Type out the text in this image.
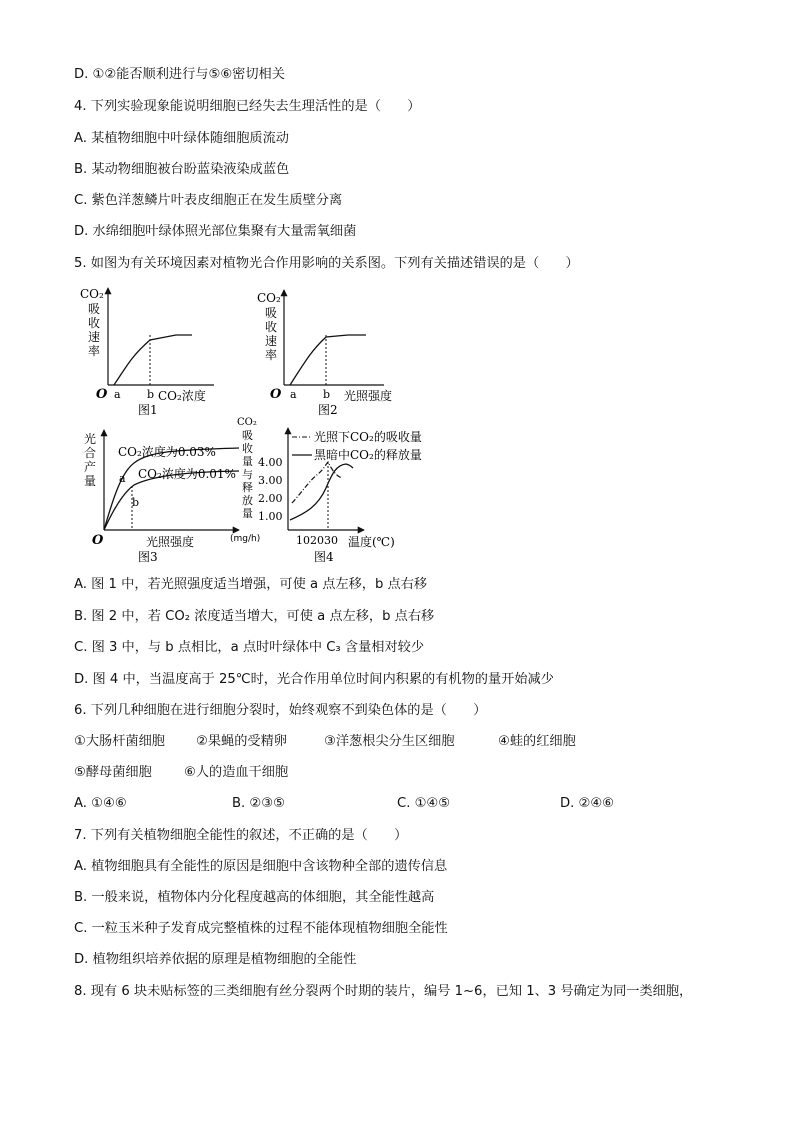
D. ①②能否顺利进行与⑤⑥密切相关
4. 下列实验现象能说明细胞已经失去生理活性的是（　　）
A. 某植物细胞中叶绿体随细胞质流动
B. 某动物细胞被台盼蓝染液染成蓝色
C. 紫色洋葱鳞片叶表皮细胞正在发生质壁分离
D. 水绵细胞叶绿体照光部位集聚有大量需氧细菌
5. 如图为有关环境因素对植物光合作用影响的关系图。下列有关描述错误的是（　　）
CO₂
吸
收
速
率
O a b CO₂浓度
图1
CO₂
吸
收
速
率
O a b 光照强度
图2
光
合
产
量
CO₂浓度为0.03%
CO₂浓度为0.01%
a
b
O	光照强度
图3
CO₂
吸
收
量
与
释
放
量
(mg/h)
光照下CO₂的吸收量
黑暗中CO₂的释放量
4.00
3.00
2.00
1.00
10 20 30 温度(℃)
图4
A. 图 1 中，若光照强度适当增强，可使 a 点左移，b 点右移
B. 图 2 中，若 CO₂ 浓度适当增大，可使 a 点左移，b 点右移
C. 图 3 中，与 b 点相比，a 点时叶绿体中 C₃ 含量相对较少
D. 图 4 中，当温度高于 25℃时，光合作用单位时间内积累的有机物的量开始减少
6. 下列几种细胞在进行细胞分裂时，始终观察不到染色体的是（　　）
①大肠杆菌细胞 ②果蝇的受精卵	③洋葱根尖分生区细胞	④蛙的红细胞
⑤酵母菌细胞 ⑥人的造血干细胞
A. ①④⑥	B. ②③⑤	C. ①④⑤	D. ②④⑥
7. 下列有关植物细胞全能性的叙述，不正确的是（　　）
A. 植物细胞具有全能性的原因是细胞中含该物种全部的遗传信息
B. 一般来说，植物体内分化程度越高的体细胞，其全能性越高
C. 一粒玉米种子发育成完整植株的过程不能体现植物细胞全能性
D. 植物组织培养依据的原理是植物细胞的全能性
8. 现有 6 块未贴标签的三类细胞有丝分裂两个时期的装片，编号 1~6，已知 1、3 号确定为同一类细胞，
